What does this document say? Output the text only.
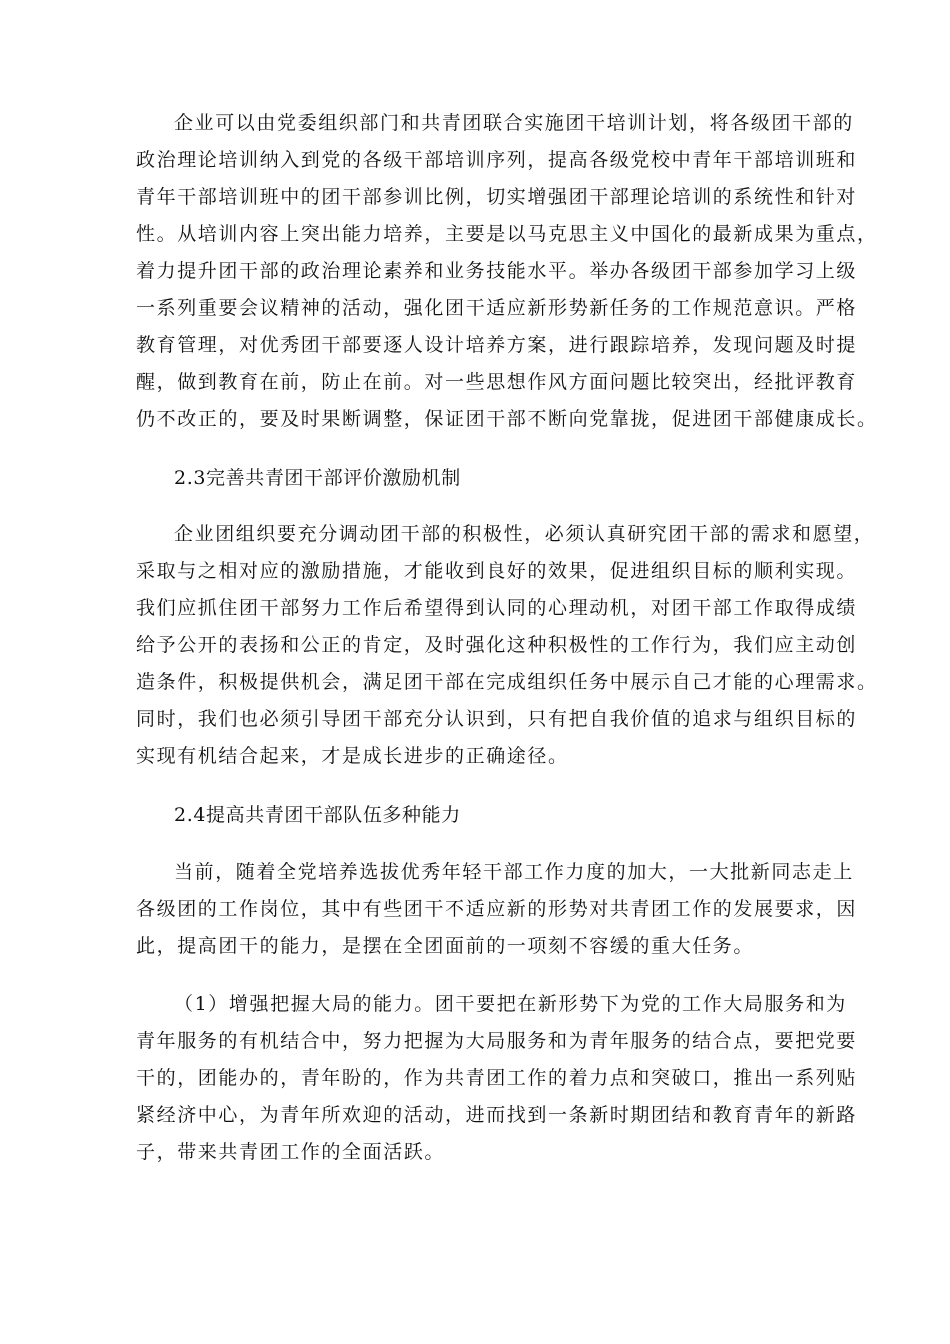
企业可以由党委组织部门和共青团联合实施团干培训计划，将各级团干部的
政治理论培训纳入到党的各级干部培训序列，提高各级党校中青年干部培训班和
青年干部培训班中的团干部参训比例，切实增强团干部理论培训的系统性和针对
性。从培训内容上突出能力培养，主要是以马克思主义中国化的最新成果为重点，
着力提升团干部的政治理论素养和业务技能水平。举办各级团干部参加学习上级
一系列重要会议精神的活动，强化团干适应新形势新任务的工作规范意识。严格
教育管理，对优秀团干部要逐人设计培养方案，进行跟踪培养，发现问题及时提
醒，做到教育在前，防止在前。对一些思想作风方面问题比较突出，经批评教育
仍不改正的，要及时果断调整，保证团干部不断向党靠拢，促进团干部健康成长。
2.3完善共青团干部评价激励机制
企业团组织要充分调动团干部的积极性，必须认真研究团干部的需求和愿望，
采取与之相对应的激励措施，才能收到良好的效果，促进组织目标的顺利实现。
我们应抓住团干部努力工作后希望得到认同的心理动机，对团干部工作取得成绩
给予公开的表扬和公正的肯定，及时强化这种积极性的工作行为，我们应主动创
造条件，积极提供机会，满足团干部在完成组织任务中展示自己才能的心理需求。
同时，我们也必须引导团干部充分认识到，只有把自我价值的追求与组织目标的
实现有机结合起来，才是成长进步的正确途径。
2.4提高共青团干部队伍多种能力
当前，随着全党培养选拔优秀年轻干部工作力度的加大，一大批新同志走上
各级团的工作岗位，其中有些团干不适应新的形势对共青团工作的发展要求，因
此，提高团干的能力，是摆在全团面前的一项刻不容缓的重大任务。
（1）增强把握大局的能力。团干要把在新形势下为党的工作大局服务和为
青年服务的有机结合中，努力把握为大局服务和为青年服务的结合点，要把党要
干的，团能办的，青年盼的，作为共青团工作的着力点和突破口，推出一系列贴
紧经济中心，为青年所欢迎的活动，进而找到一条新时期团结和教育青年的新路
子，带来共青团工作的全面活跃。
